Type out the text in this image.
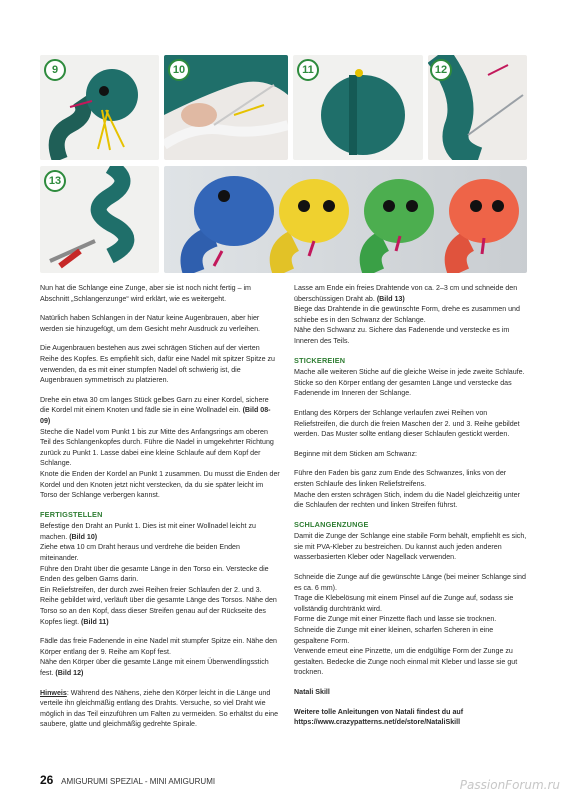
9	10	11	12
13

Nun hat die Schlange eine Zunge, aber sie ist noch nicht fertig – im Abschnitt „Schlangenzunge“ wird erklärt, wie es weitergeht.

Natürlich haben Schlangen in der Natur keine Augenbrauen, aber hier werden sie hinzugefügt, um dem Gesicht mehr Ausdruck zu verleihen.

Die Augenbrauen bestehen aus zwei schrägen Stichen auf der vierten Reihe des Kopfes. Es empfiehlt sich, dafür eine Nadel mit spitzer Spitze zu verwenden, da es mit einer stumpfen Nadel oft schwierig ist, die Augenbrauen symmetrisch zu platzieren.

Drehe ein etwa 30 cm langes Stück gelbes Garn zu einer Kordel, sichere die Kordel mit einem Knoten und fädle sie in eine Wollnadel ein. (Bild 08-09)
Steche die Nadel vom Punkt 1 bis zur Mitte des Anfangsrings am oberen Teil des Schlangenkopfes durch. Führe die Nadel in umgekehrter Richtung zurück zu Punkt 1. Lasse dabei eine kleine Schlaufe auf dem Kopf der Schlange.
Knote die Enden der Kordel an Punkt 1 zusammen. Du musst die Enden der Kordel und den Knoten jetzt nicht verstecken, da du sie später leicht im Torso der Schlange verbergen kannst.

FERTIGSTELLEN

Befestige den Draht an Punkt 1. Dies ist mit einer Wollnadel leicht zu machen. (Bild 10)
Ziehe etwa 10 cm Draht heraus und verdrehe die beiden Enden miteinander.
Führe den Draht über die gesamte Länge in den Torso ein. Verstecke die Enden des gelben Garns darin.
Ein Reliefstreifen, der durch zwei Reihen freier Schlaufen der 2. und 3. Reihe gebildet wird, verläuft über die gesamte Länge des Torsos. Nähe den Torso so an den Kopf, dass dieser Streifen genau auf der Rückseite des Kopfes liegt. (Bild 11)

Fädle das freie Fadenende in eine Nadel mit stumpfer Spitze ein. Nähe den Körper entlang der 9. Reihe am Kopf fest.
Nähe den Körper über die gesamte Länge mit einem Überwendlingsstich fest. (Bild 12)

Hinweis: Während des Nähens, ziehe den Körper leicht in die Länge und verteile ihn gleichmäßig entlang des Drahts. Versuche, so viel Draht wie möglich in das Teil einzuführen um Falten zu vermeiden. So erhältst du eine saubere, glatte und gleichmäßig gedrehte Spirale.

Lasse am Ende ein freies Drahtende von ca. 2–3 cm und schneide den überschüssigen Draht ab. (Bild 13)
Biege das Drahtende in die gewünschte Form, drehe es zusammen und schiebe es in den Schwanz der Schlange.
Nähe den Schwanz zu. Sichere das Fadenende und verstecke es im Inneren des Teils.

STICKEREIEN

Mache alle weiteren Stiche auf die gleiche Weise in jede zweite Schlaufe. Sticke so den Körper entlang der gesamten Länge und verstecke das Fadenende im Inneren der Schlange.

Entlang des Körpers der Schlange verlaufen zwei Reihen von Reliefstreifen, die durch die freien Maschen der 2. und 3. Reihe gebildet werden. Das Muster sollte entlang dieser Schlaufen gestickt werden.

Beginne mit dem Sticken am Schwanz:

Führe den Faden bis ganz zum Ende des Schwanzes, links von der ersten Schlaufe des linken Reliefstreifens.
Mache den ersten schrägen Stich, indem du die Nadel gleichzeitig unter die Schlaufen der rechten und linken Streifen führst.

SCHLANGENZUNGE

Damit die Zunge der Schlange eine stabile Form behält, empfiehlt es sich, sie mit PVA-Kleber zu bestreichen. Du kannst auch jeden anderen wasserbasierten Kleber oder Nagellack verwenden.

Schneide die Zunge auf die gewünschte Länge (bei meiner Schlange sind es ca. 6 mm).
Trage die Klebelösung mit einem Pinsel auf die Zunge auf, sodass sie vollständig durchtränkt wird.
Forme die Zunge mit einer Pinzette flach und lasse sie trocknen.
Schneide die Zunge mit einer kleinen, scharfen Scheren in eine gespaltene Form.
Verwende erneut eine Pinzette, um die endgültige Form der Zunge zu gestalten. Bedecke die Zunge noch einmal mit Kleber und lasse sie gut trocknen.

Natali Skill

Weitere tolle Anleitungen von Natali findest du auf
https://www.crazypatterns.net/de/store/NataliSkill

26 AMIGURUMI SPEZIAL - MINI AMIGURUMI	PassionForum.ru
